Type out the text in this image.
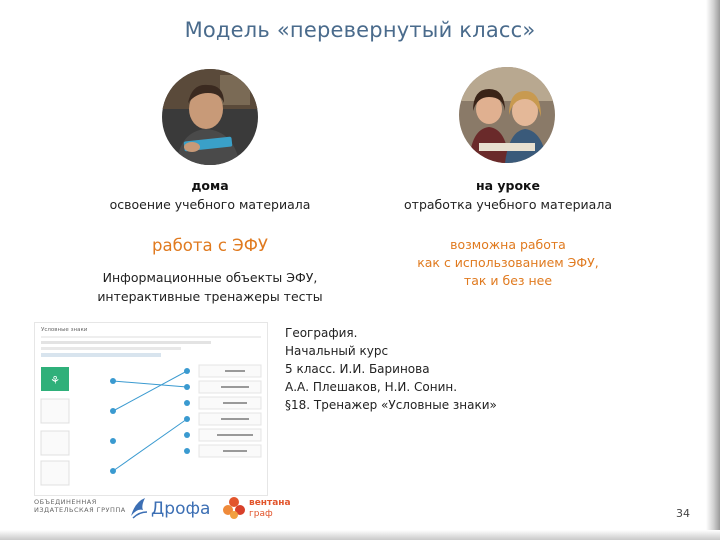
Модель «перевернутый класс»
дома
освоение учебного материала
работа с ЭФУ
Информационные объекты ЭФУ,
интерактивные тренажеры тесты
на уроке
отработка учебного материала
возможна работа
как с использованием ЭФУ,
так и без нее
Условные знаки
⚘
География.
Начальный курс
5 класс. И.И. Баринова
А.А. Плешаков, Н.И. Сонин.
§18. Тренажер «Условные знаки»
ОБЪЕДИНЕННАЯ
ИЗДАТЕЛЬСКАЯ ГРУППА Дрофа	вентана
граф	34
